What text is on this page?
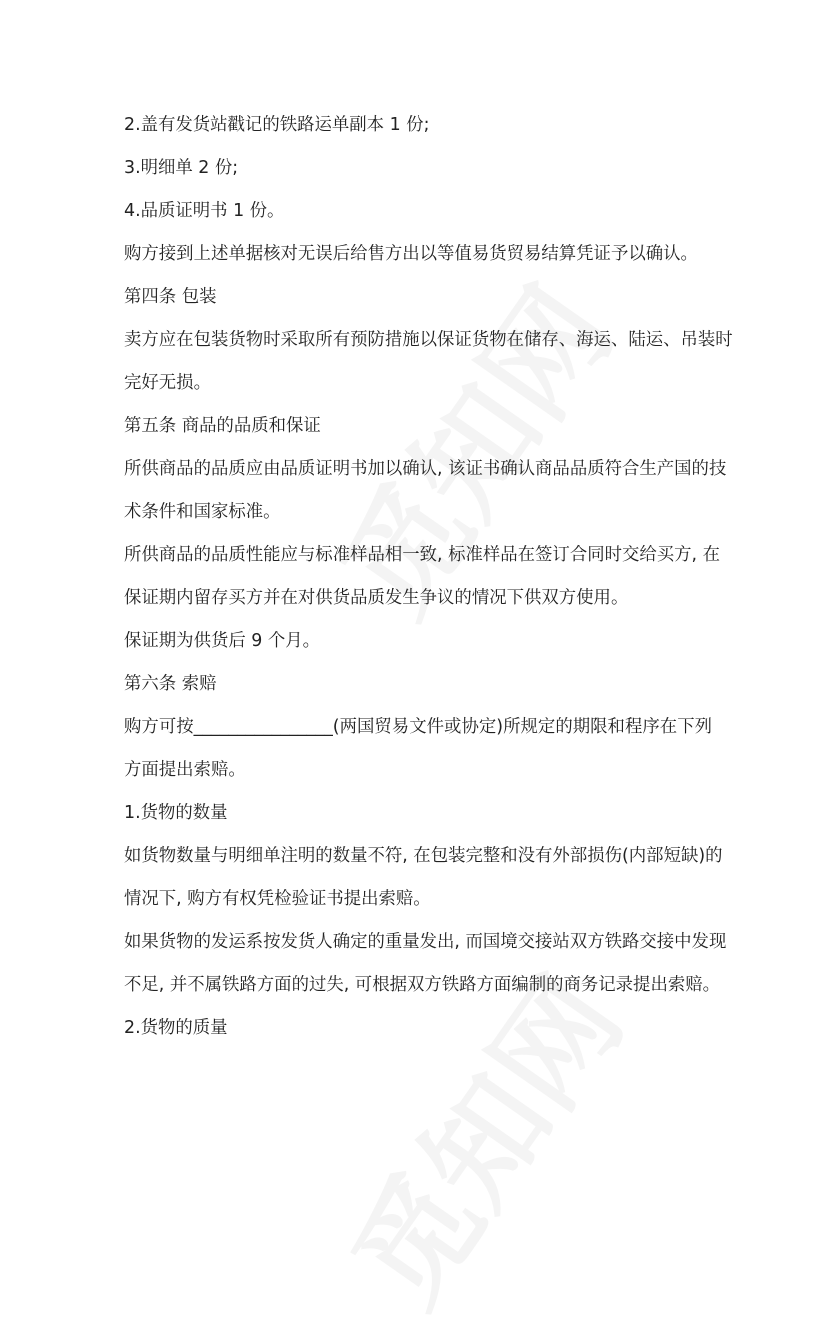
2.盖有发货站戳记的铁路运单副本 1 份;
3.明细单 2 份;
4.品质证明书 1 份。
购方接到上述单据核对无误后给售方出以等值易货贸易结算凭证予以确认。
第四条 包装
卖方应在包装货物时采取所有预防措施以保证货物在储存、海运、陆运、吊装时
完好无损。
第五条 商品的品质和保证
所供商品的品质应由品质证明书加以确认, 该证书确认商品品质符合生产国的技
术条件和国家标准。
所供商品的品质性能应与标准样品相一致, 标准样品在签订合同时交给买方, 在
保证期内留存买方并在对供货品质发生争议的情况下供双方使用。
保证期为供货后 9 个月。
第六条 索赔
购方可按________________(两国贸易文件或协定)所规定的期限和程序在下列
方面提出索赔。
1.货物的数量
如货物数量与明细单注明的数量不符, 在包装完整和没有外部损伤(内部短缺)的
情况下, 购方有权凭检验证书提出索赔。
如果货物的发运系按发货人确定的重量发出, 而国境交接站双方铁路交接中发现
不足, 并不属铁路方面的过失, 可根据双方铁路方面编制的商务记录提出索赔。
2.货物的质量
